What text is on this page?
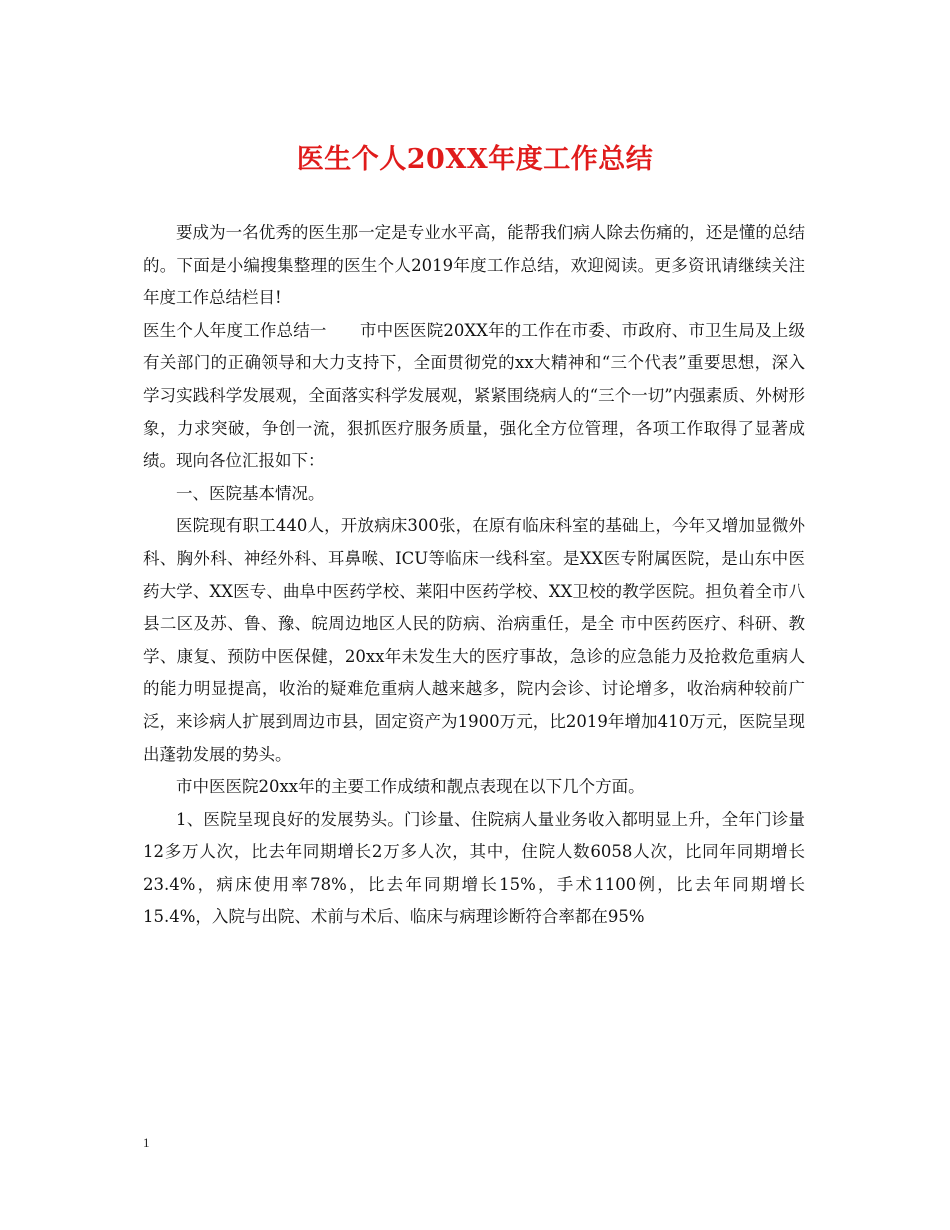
医生个人20XX年度工作总结

要成为一名优秀的医生那一定是专业水平高，能帮我们病人除去伤痛的，还是懂的总结的。下面是小编搜集整理的医生个人2019年度工作总结，欢迎阅读。更多资讯请继续关注年度工作总结栏目!

医生个人年度工作总结一　　市中医医院20XX年的工作在市委、市政府、市卫生局及上级有关部门的正确领导和大力支持下，全面贯彻党的xx大精神和“三个代表”重要思想，深入学习实践科学发展观，全面落实科学发展观，紧紧围绕病人的“三个一切”内强素质、外树形象，力求突破，争创一流，狠抓医疗服务质量，强化全方位管理，各项工作取得了显著成绩。现向各位汇报如下：

一、医院基本情况。

医院现有职工440人，开放病床300张，在原有临床科室的基础上，今年又增加显微外科、胸外科、神经外科、耳鼻喉、ICU等临床一线科室。是XX医专附属医院，是山东中医药大学、XX医专、曲阜中医药学校、莱阳中医药学校、XX卫校的教学医院。担负着全市八县二区及苏、鲁、豫、皖周边地区人民的防病、治病重任，是全 市中医药医疗、科研、教学、康复、预防中医保健，20xx年未发生大的医疗事故，急诊的应急能力及抢救危重病人的能力明显提高，收治的疑难危重病人越来越多，院内会诊、讨论增多，收治病种较前广泛，来诊病人扩展到周边市县，固定资产为1900万元，比2019年增加410万元，医院呈现出蓬勃发展的势头。

市中医医院20xx年的主要工作成绩和靓点表现在以下几个方面。

1、医院呈现良好的发展势头。门诊量、住院病人量业务收入都明显上升，全年门诊量12多万人次，比去年同期增长2万多人次，其中，住院人数6058人次，比同年同期增长23.4%，病床使用率78%，比去年同期增长15%，手术1100例，比去年同期增长15.4%，入院与出院、术前与术后、临床与病理诊断符合率都在95%

1
